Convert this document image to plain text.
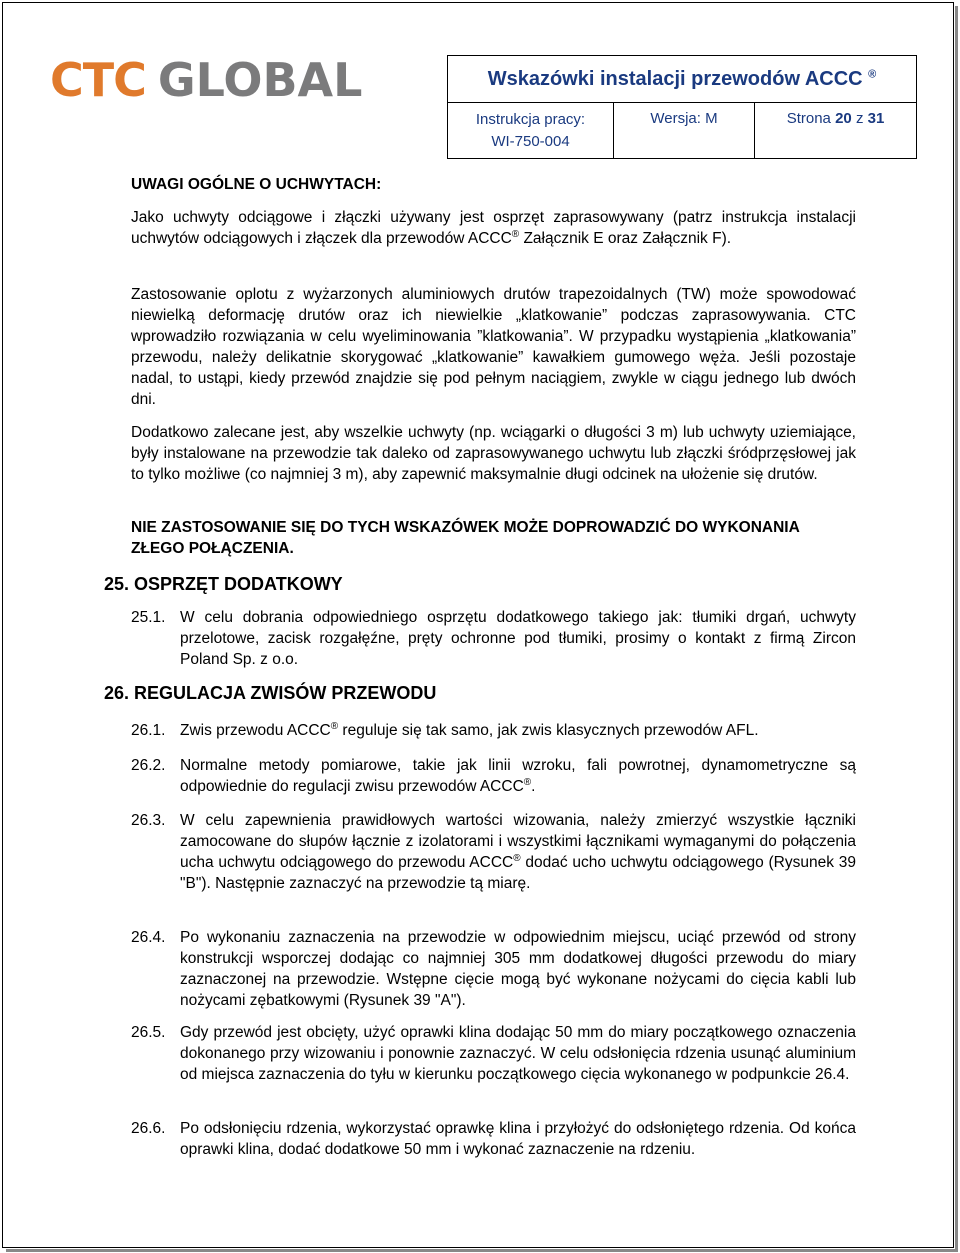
CTC GLOBAL	Wskazówki instalacji przewodów ACCC ®

Instrukcja pracy:
WI-750-004
	Wersja: M	Strona 20 z 31
UWAGI OGÓLNE O UCHWYTACH:
Jako uchwyty odciągowe i złączki używany jest osprzęt zaprasowywany (patrz instrukcja instalacji uchwytów odciągowych i złączek dla przewodów ACCC® Załącznik E oraz Załącznik F).
Zastosowanie oplotu z wyżarzonych aluminiowych drutów trapezoidalnych (TW) może spowodować niewielką deformację drutów oraz ich niewielkie „klatkowanie” podczas zaprasowywania. CTC wprowadziło rozwiązania w celu wyeliminowania ”klatkowania”. W przypadku wystąpienia „klatkowania” przewodu, należy delikatnie skorygować „klatkowanie” kawałkiem gumowego węża. Jeśli pozostaje nadal, to ustąpi, kiedy przewód znajdzie się pod pełnym naciągiem, zwykle w ciągu jednego lub dwóch dni.
Dodatkowo zalecane jest, aby wszelkie uchwyty (np. wciągarki o długości 3 m) lub uchwyty uziemiające, były instalowane na przewodzie tak daleko od zaprasowywanego uchwytu lub złączki śródprzęsłowej jak to tylko możliwe (co najmniej 3 m), aby zapewnić maksymalnie długi odcinek na ułożenie się drutów.
NIE ZASTOSOWANIE SIĘ DO TYCH WSKAZÓWEK MOŻE DOPROWADZIĆ DO WYKONANIA ZŁEGO POŁĄCZENIA.
25. OSPRZĘT DODATKOWY
25.1. W celu dobrania odpowiedniego osprzętu dodatkowego takiego jak: tłumiki drgań, uchwyty przelotowe, zacisk rozgałęźne, pręty ochronne pod tłumiki, prosimy o kontakt z firmą Zircon Poland Sp. z o.o.
26. REGULACJA ZWISÓW PRZEWODU
26.1. Zwis przewodu ACCC® reguluje się tak samo, jak zwis klasycznych przewodów AFL.
26.2. Normalne metody pomiarowe, takie jak linii wzroku, fali powrotnej, dynamometryczne są odpowiednie do regulacji zwisu przewodów ACCC®.
26.3. W celu zapewnienia prawidłowych wartości wizowania, należy zmierzyć wszystkie łączniki zamocowane do słupów łącznie z izolatorami i wszystkimi łącznikami wymaganymi do połączenia ucha uchwytu odciągowego do przewodu ACCC® dodać ucho uchwytu odciągowego (Rysunek 39 "B"). Następnie zaznaczyć na przewodzie tą miarę.
26.4. Po wykonaniu zaznaczenia na przewodzie w odpowiednim miejscu, uciąć przewód od strony konstrukcji wsporczej dodając co najmniej 305 mm dodatkowej długości przewodu do miary zaznaczonej na przewodzie. Wstępne cięcie mogą być wykonane nożycami do cięcia kabli lub nożycami zębatkowymi (Rysunek 39 "A").
26.5. Gdy przewód jest obcięty, użyć oprawki klina dodając 50 mm do miary początkowego oznaczenia dokonanego przy wizowaniu i ponownie zaznaczyć. W celu odsłonięcia rdzenia usunąć aluminium od miejsca zaznaczenia do tyłu w kierunku początkowego cięcia wykonanego w podpunkcie 26.4.
26.6. Po odsłonięciu rdzenia, wykorzystać oprawkę klina i przyłożyć do odsłoniętego rdzenia. Od końca oprawki klina, dodać dodatkowe 50 mm i wykonać zaznaczenie na rdzeniu.
